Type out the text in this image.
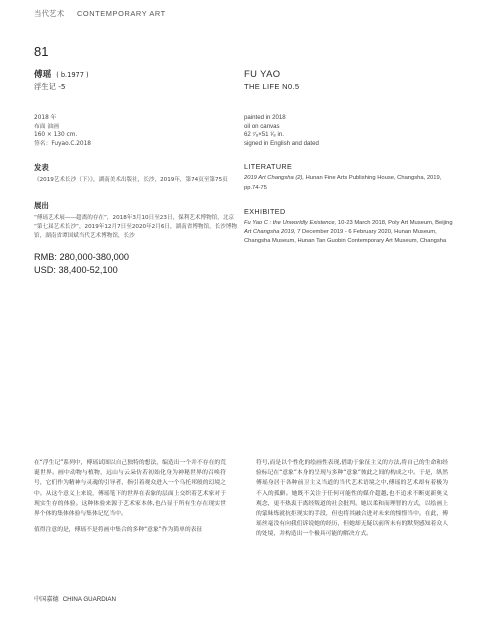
当代艺术 CONTEMPORARY ART
81
傅瑶 ( b.1977 )
浮生记 -5
2018 年
布面 油画
160 × 130 cm.
签名：Fuyao.C.2018
发表
《2019艺术长沙（下）》，湖南美术出版社，长沙，2019年，第74页至第75页
展出
“傅瑶艺术展——超离的存在”，2018年3月10日至23日，保利艺术博物馆，北京
“第七届艺术长沙”，2019年12月7日至2020年2月6日，湖南省博物馆，长沙博物馆，湖南省谭国斌当代艺术博物馆，长沙
RMB: 280,000-380,000
USD: 38,400-52,100
FU YAO
THE LIFE N0.5
painted in 2018
oil on canvas
62 ⁷⁄₈×51 ¹⁄₈ in.
signed in English and dated
LITERATURE
2019 Art Changsha (2), Hunan Fine Arts Publishing House, Changsha, 2019, pp.74-75
EXHIBITED
Fu Yao C : the Unworldly Existence, 10-23 March 2018, Poly Art Museum, Beijing
Art Changsha 2019, 7 December 2019 - 6 February 2020, Hunan Museum, Changsha Museum, Hunan Tan Guobin Contemporary Art Museum, Changsha

在“浮生记”系列中，傅瑶试图以自己独特的想法，编造出一个并不存在的荒诞世界。画中动物与植物，远山与云朵仿若初始化身为神秘世界的召唤符号，它们作为精神与灵魂的引导者，指引着观众进入一个乌托邦般的幻境之中。从这个意义上来说，傅瑶笔下的世界在表象的层面上交织着艺术家对于现实生存的体验。这种体验来源于艺术家本体,也凸显于所有生存在现实世界个体的集体体验与集体记忆当中。

值得注意的是，傅瑶不是将画中集合的多种“意象”作为简单的表征

符号,而是以个性化的绘画性表现,借助于象征主义的方法,将自己的生命和经验标记在“意象”本身的呈现与多种“意象”彼此之间的构成之中。于是，纵然傅瑶身居于各种前卫主义当道的当代艺术语境之中,傅瑶的艺术却有着极为不入的孤僻。她既不关注于任何可能性的媒介超越,也不追求不断更新奥义观念，更不热衷于离经叛道的社会批判。她以柔和而理智的方式，以绘画上的蒙昧炼就抗拒现实的手段，但也将其融合进对未来的憧憬当中。在此，傅瑶丝毫没有向我们诉说她的经历，但她却无疑以前所未有的默契感知着众人的处境，并构造出一个极具可能的解决方式。

中国嘉德 CHINA GUARDIAN
